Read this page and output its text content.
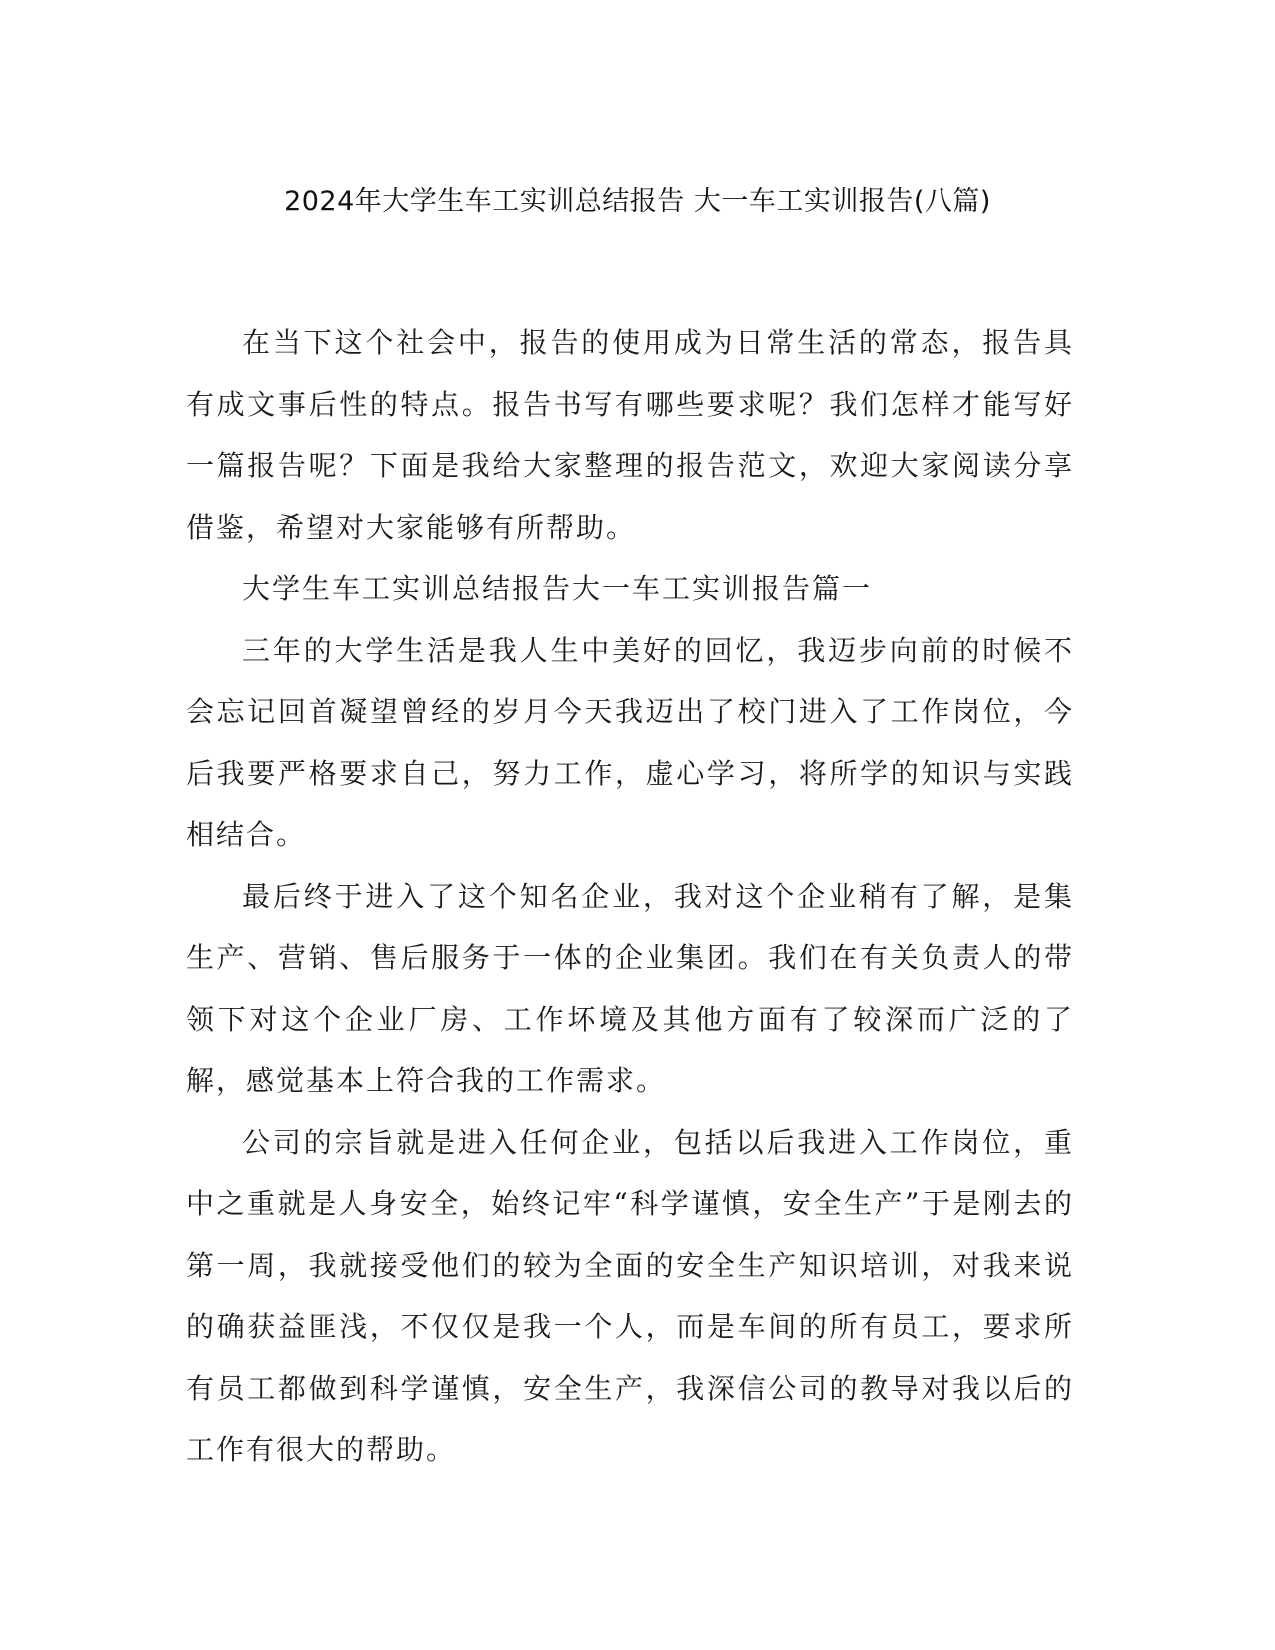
2024年大学生车工实训总结报告 大一车工实训报告(八篇)

在当下这个社会中，报告的使用成为日常生活的常态，报告具有成文事后性的特点。报告书写有哪些要求呢？我们怎样才能写好一篇报告呢？下面是我给大家整理的报告范文，欢迎大家阅读分享借鉴，希望对大家能够有所帮助。

大学生车工实训总结报告大一车工实训报告篇一

三年的大学生活是我人生中美好的回忆，我迈步向前的时候不会忘记回首凝望曾经的岁月今天我迈出了校门进入了工作岗位，今后我要严格要求自己，努力工作，虚心学习，将所学的知识与实践相结合。

最后终于进入了这个知名企业，我对这个企业稍有了解，是集生产、营销、售后服务于一体的企业集团。我们在有关负责人的带领下对这个企业厂房、工作坏境及其他方面有了较深而广泛的了解，感觉基本上符合我的工作需求。

公司的宗旨就是进入任何企业，包括以后我进入工作岗位，重中之重就是人身安全，始终记牢“科学谨慎，安全生产”于是刚去的第一周，我就接受他们的较为全面的安全生产知识培训，对我来说的确获益匪浅，不仅仅是我一个人，而是车间的所有员工，要求所有员工都做到科学谨慎，安全生产，我深信公司的教导对我以后的工作有很大的帮助。
